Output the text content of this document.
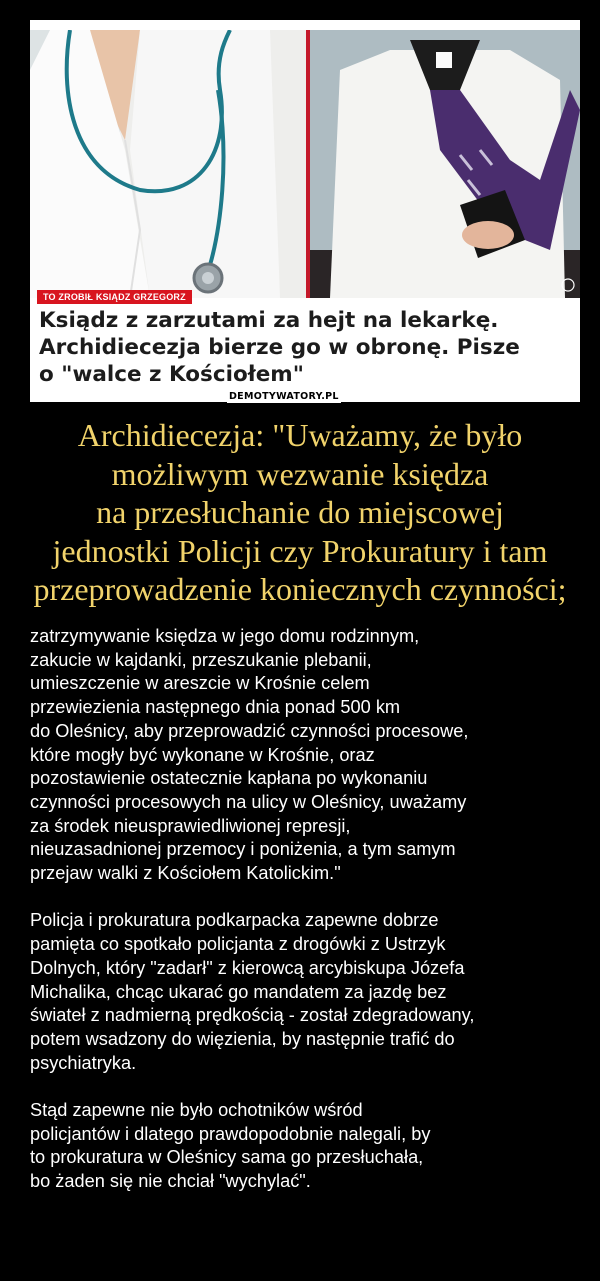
TO ZROBIŁ KSIĄDZ GRZEGORZ
Ksiądz z zarzutami za hejt na lekarkę.
Archidiecezja bierze go w obronę. Pisze
o "walce z Kościołem"
DEMOTYWATORY.PL
Archidiecezja: "Uważamy, że było
możliwym wezwanie księdza
na przesłuchanie do miejscowej
jednostki Policji czy Prokuratury i tam
przeprowadzenie koniecznych czynności;

zatrzymywanie księdza w jego domu rodzinnym,
zakucie w kajdanki, przeszukanie plebanii,
umieszczenie w areszcie w Krośnie celem
przewiezienia następnego dnia ponad 500 km
do Oleśnicy, aby przeprowadzić czynności procesowe,
które mogły być wykonane w Krośnie, oraz
pozostawienie ostatecznie kapłana po wykonaniu
czynności procesowych na ulicy w Oleśnicy, uważamy
za środek nieusprawiedliwionej represji,
nieuzasadnionej przemocy i poniżenia, a tym samym
przejaw walki z Kościołem Katolickim."

Policja i prokuratura podkarpacka zapewne dobrze
pamięta co spotkało policjanta z drogówki z Ustrzyk
Dolnych, który "zadarł" z kierowcą arcybiskupa Józefa
Michalika, chcąc ukarać go mandatem za jazdę bez
świateł z nadmierną prędkością - został zdegradowany,
potem wsadzony do więzienia, by następnie trafić do
psychiatryka.

Stąd zapewne nie było ochotników wśród
policjantów i dlatego prawdopodobnie nalegali, by
to prokuratura w Oleśnicy sama go przesłuchała,
bo żaden się nie chciał "wychylać".
